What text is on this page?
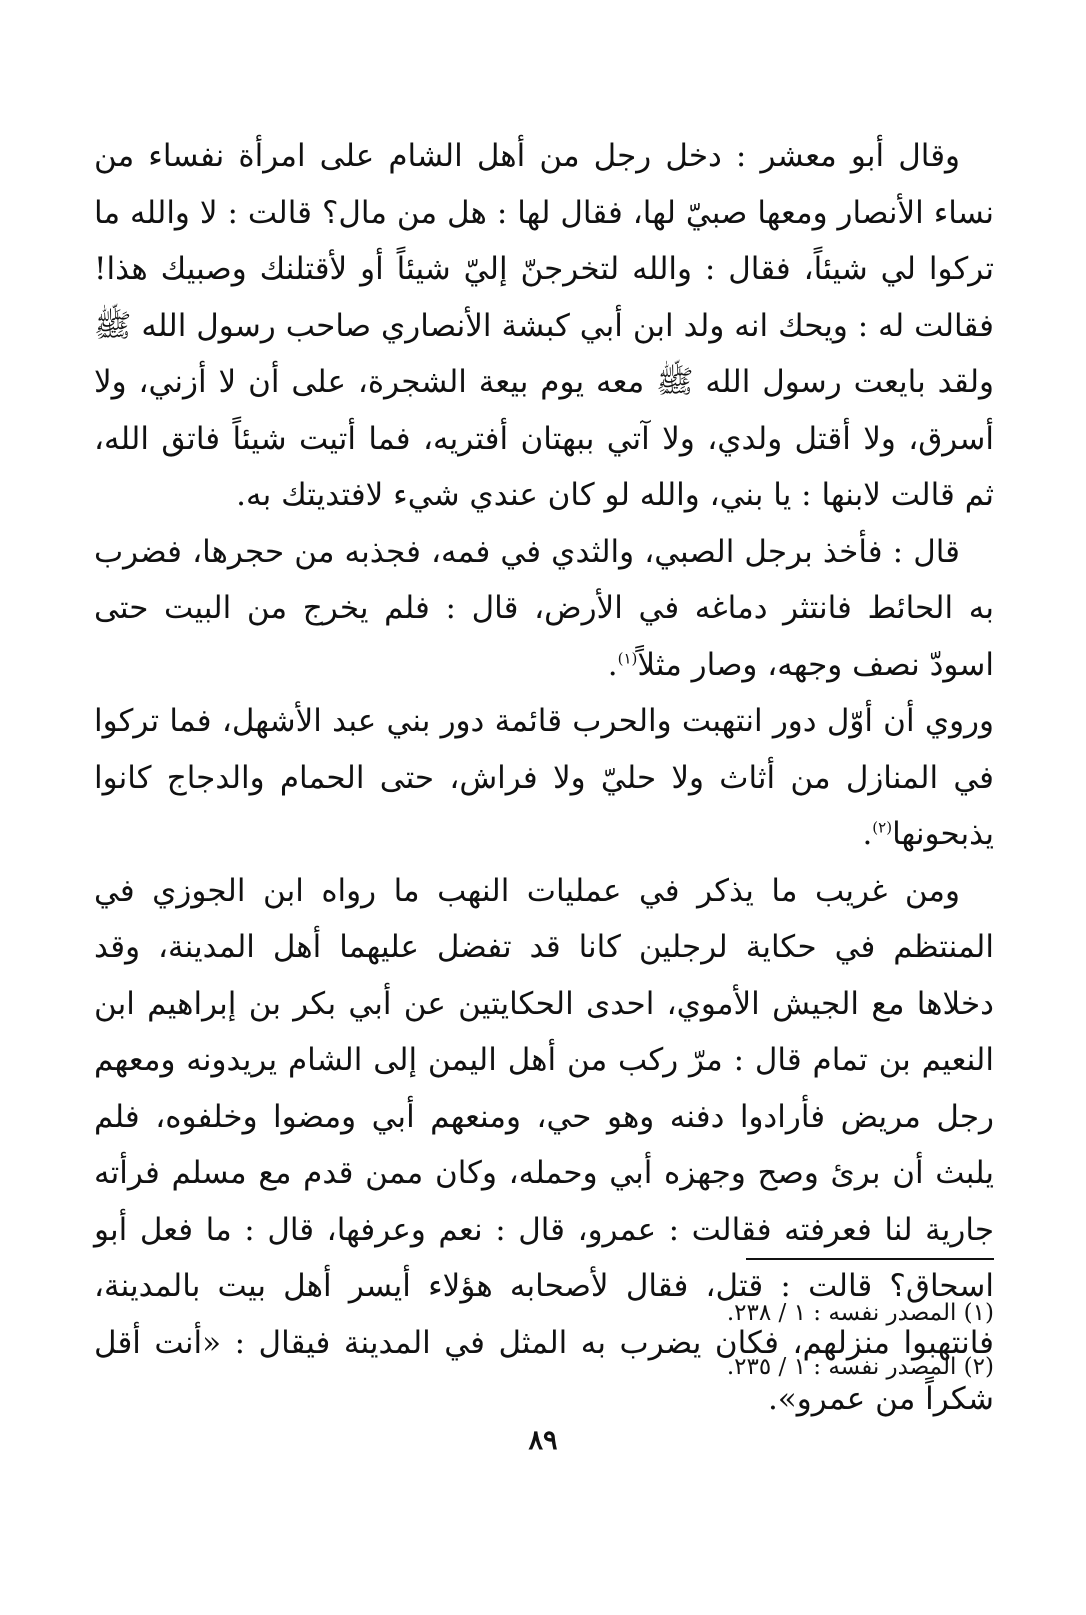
وقال أبو معشر : دخل رجل من أهل الشام على امرأة نفساء من نساء الأنصار ومعها صبيّ لها، فقال لها : هل من مال؟ قالت : لا والله ما تركوا لي شيئاً، فقال : والله لتخرجنّ إليّ شيئاً أو لأقتلنك وصبيك هذا! فقالت له : ويحك انه ولد ابن أبي كبشة الأنصاري صاحب رسول الله ﷺ ولقد بايعت رسول الله ﷺ معه يوم بيعة الشجرة، على أن لا أزني، ولا أسرق، ولا أقتل ولدي، ولا آتي ببهتان أفتريه، فما أتيت شيئاً فاتق الله، ثم قالت لابنها : يا بني، والله لو كان عندي شيء لافتديتك به.

قال : فأخذ برجل الصبي، والثدي في فمه، فجذبه من حجرها، فضرب به الحائط فانتثر دماغه في الأرض، قال : فلم يخرج من البيت حتى اسودّ نصف وجهه، وصار مثلاً$^{(١)}$.

وروي أن أوّل دور انتهبت والحرب قائمة دور بني عبد الأشهل، فما تركوا في المنازل من أثاث ولا حليّ ولا فراش، حتى الحمام والدجاج كانوا يذبحونها$^{(٢)}$.

ومن غريب ما يذكر في عمليات النهب ما رواه ابن الجوزي في المنتظم في حكاية لرجلين كانا قد تفضل عليهما أهل المدينة، وقد دخلاها مع الجيش الأموي، احدى الحكايتين عن أبي بكر بن إبراهيم ابن النعيم بن تمام قال : مرّ ركب من أهل اليمن إلى الشام يريدونه ومعهم رجل مريض فأرادوا دفنه وهو حي، ومنعهم أبي ومضوا وخلفوه، فلم يلبث أن برئ وصح وجهزه أبي وحمله، وكان ممن قدم مع مسلم فرأته جارية لنا فعرفته فقالت : عمرو، قال : نعم وعرفها، قال : ما فعل أبو اسحاق؟ قالت : قتل، فقال لأصحابه هؤلاء أيسر أهل بيت بالمدينة، فانتهبوا منزلهم، فكان يضرب به المثل في المدينة فيقال : «أنت أقل شكراً من عمرو».

(١) المصدر نفسه : ١ / ٢٣٨.

(٢) المصدر نفسه : ١ / ٢٣٥.

٨٩
